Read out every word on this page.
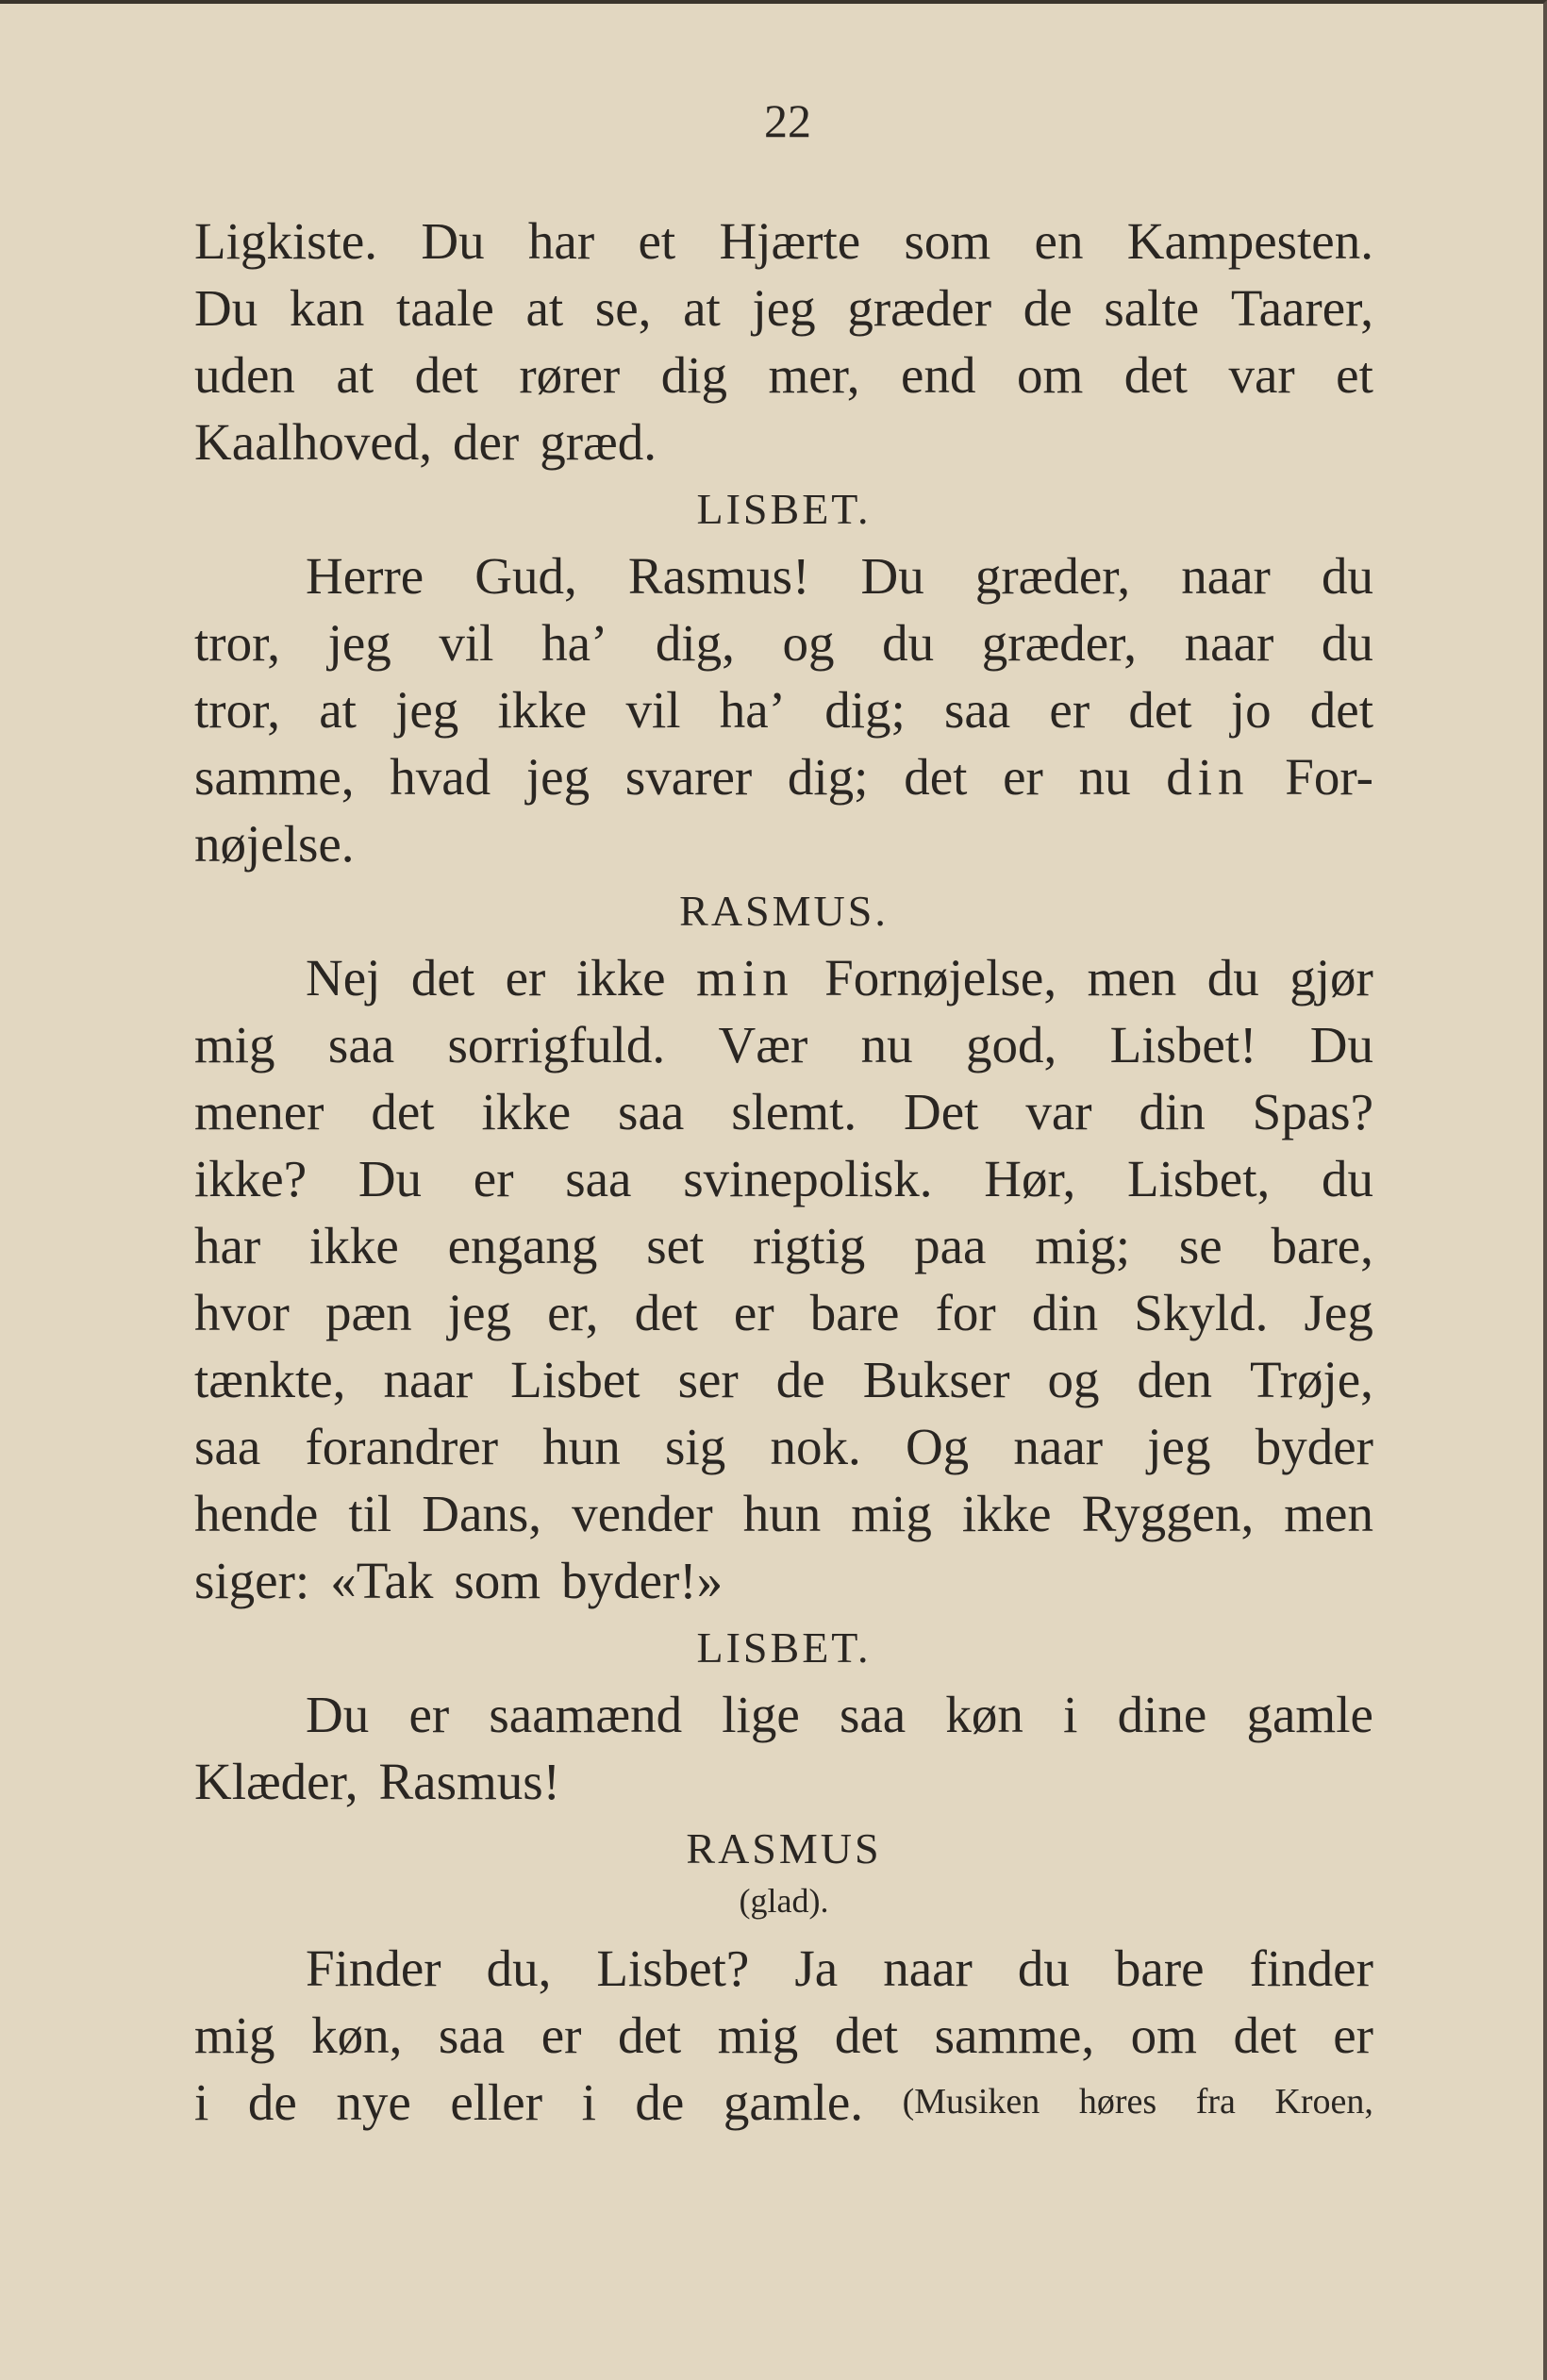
22
Ligkiste. Du har et Hjærte som en Kampesten.
Du kan taale at se, at jeg græder de salte Taarer,
uden at det rører dig mer, end om det var et
Kaalhoved, der græd.
LISBET.
Herre Gud, Rasmus! Du græder, naar du
tror, jeg vil ha’ dig, og du græder, naar du
tror, at jeg ikke vil ha’ dig; saa er det jo det
samme, hvad jeg svarer dig; det er nu din For-
nøjelse.
RASMUS.
Nej det er ikke min Fornøjelse, men du gjør
mig saa sorrigfuld. Vær nu god, Lisbet! Du
mener det ikke saa slemt. Det var din Spas?
ikke? Du er saa svinepolisk. Hør, Lisbet, du
har ikke engang set rigtig paa mig; se bare,
hvor pæn jeg er, det er bare for din Skyld. Jeg
tænkte, naar Lisbet ser de Bukser og den Trøje,
saa forandrer hun sig nok. Og naar jeg byder
hende til Dans, vender hun mig ikke Ryggen, men
siger: «Tak som byder!»
LISBET.
Du er saamænd lige saa køn i dine gamle
Klæder, Rasmus!
RASMUS
(glad).
Finder du, Lisbet? Ja naar du bare finder
mig køn, saa er det mig det samme, om det er
i de nye eller i de gamle. (Musiken høres fra Kroen,
